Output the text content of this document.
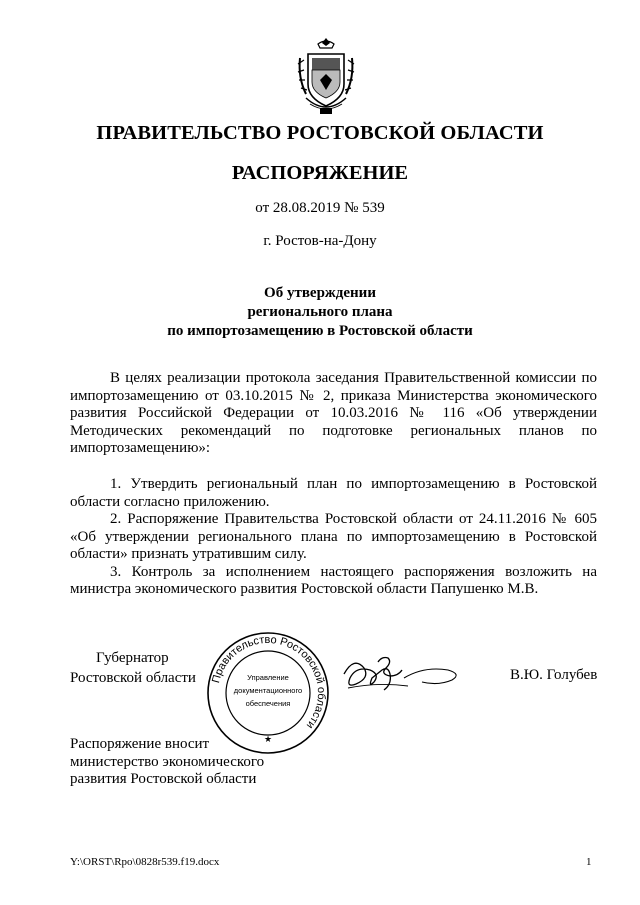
ПРАВИТЕЛЬСТВО РОСТОВСКОЙ ОБЛАСТИ
РАСПОРЯЖЕНИЕ
от 28.08.2019 № 539
г. Ростов-на-Дону
Об утверждении
регионального плана
по импортозамещению в Ростовской области
В целях реализации протокола заседания Правительственной комиссии по импортозамещению от 03.10.2015 № 2, приказа Министерства экономического развития Российской Федерации от 10.03.2016 № 116 «Об утверждении Методических рекомендаций по подготовке региональных планов по импортозамещению»:

1. Утвердить региональный план по импортозамещению в Ростовской области согласно приложению.

2. Распоряжение Правительства Ростовской области от 24.11.2016 № 605 «Об утверждении регионального плана по импортозамещению в Ростовской области» признать утратившим силу.

3. Контроль за исполнением настоящего распоряжения возложить на министра экономического развития Ростовской области Папушенко М.В.

Губернатор
Ростовской области Правительство Ростовской области
Управление
документационного
обеспечения
★
В.Ю. Голубев
Распоряжение вносит
министерство экономического
развития Ростовской области
Y:\ORST\Rpo\0828r539.f19.docx	1
